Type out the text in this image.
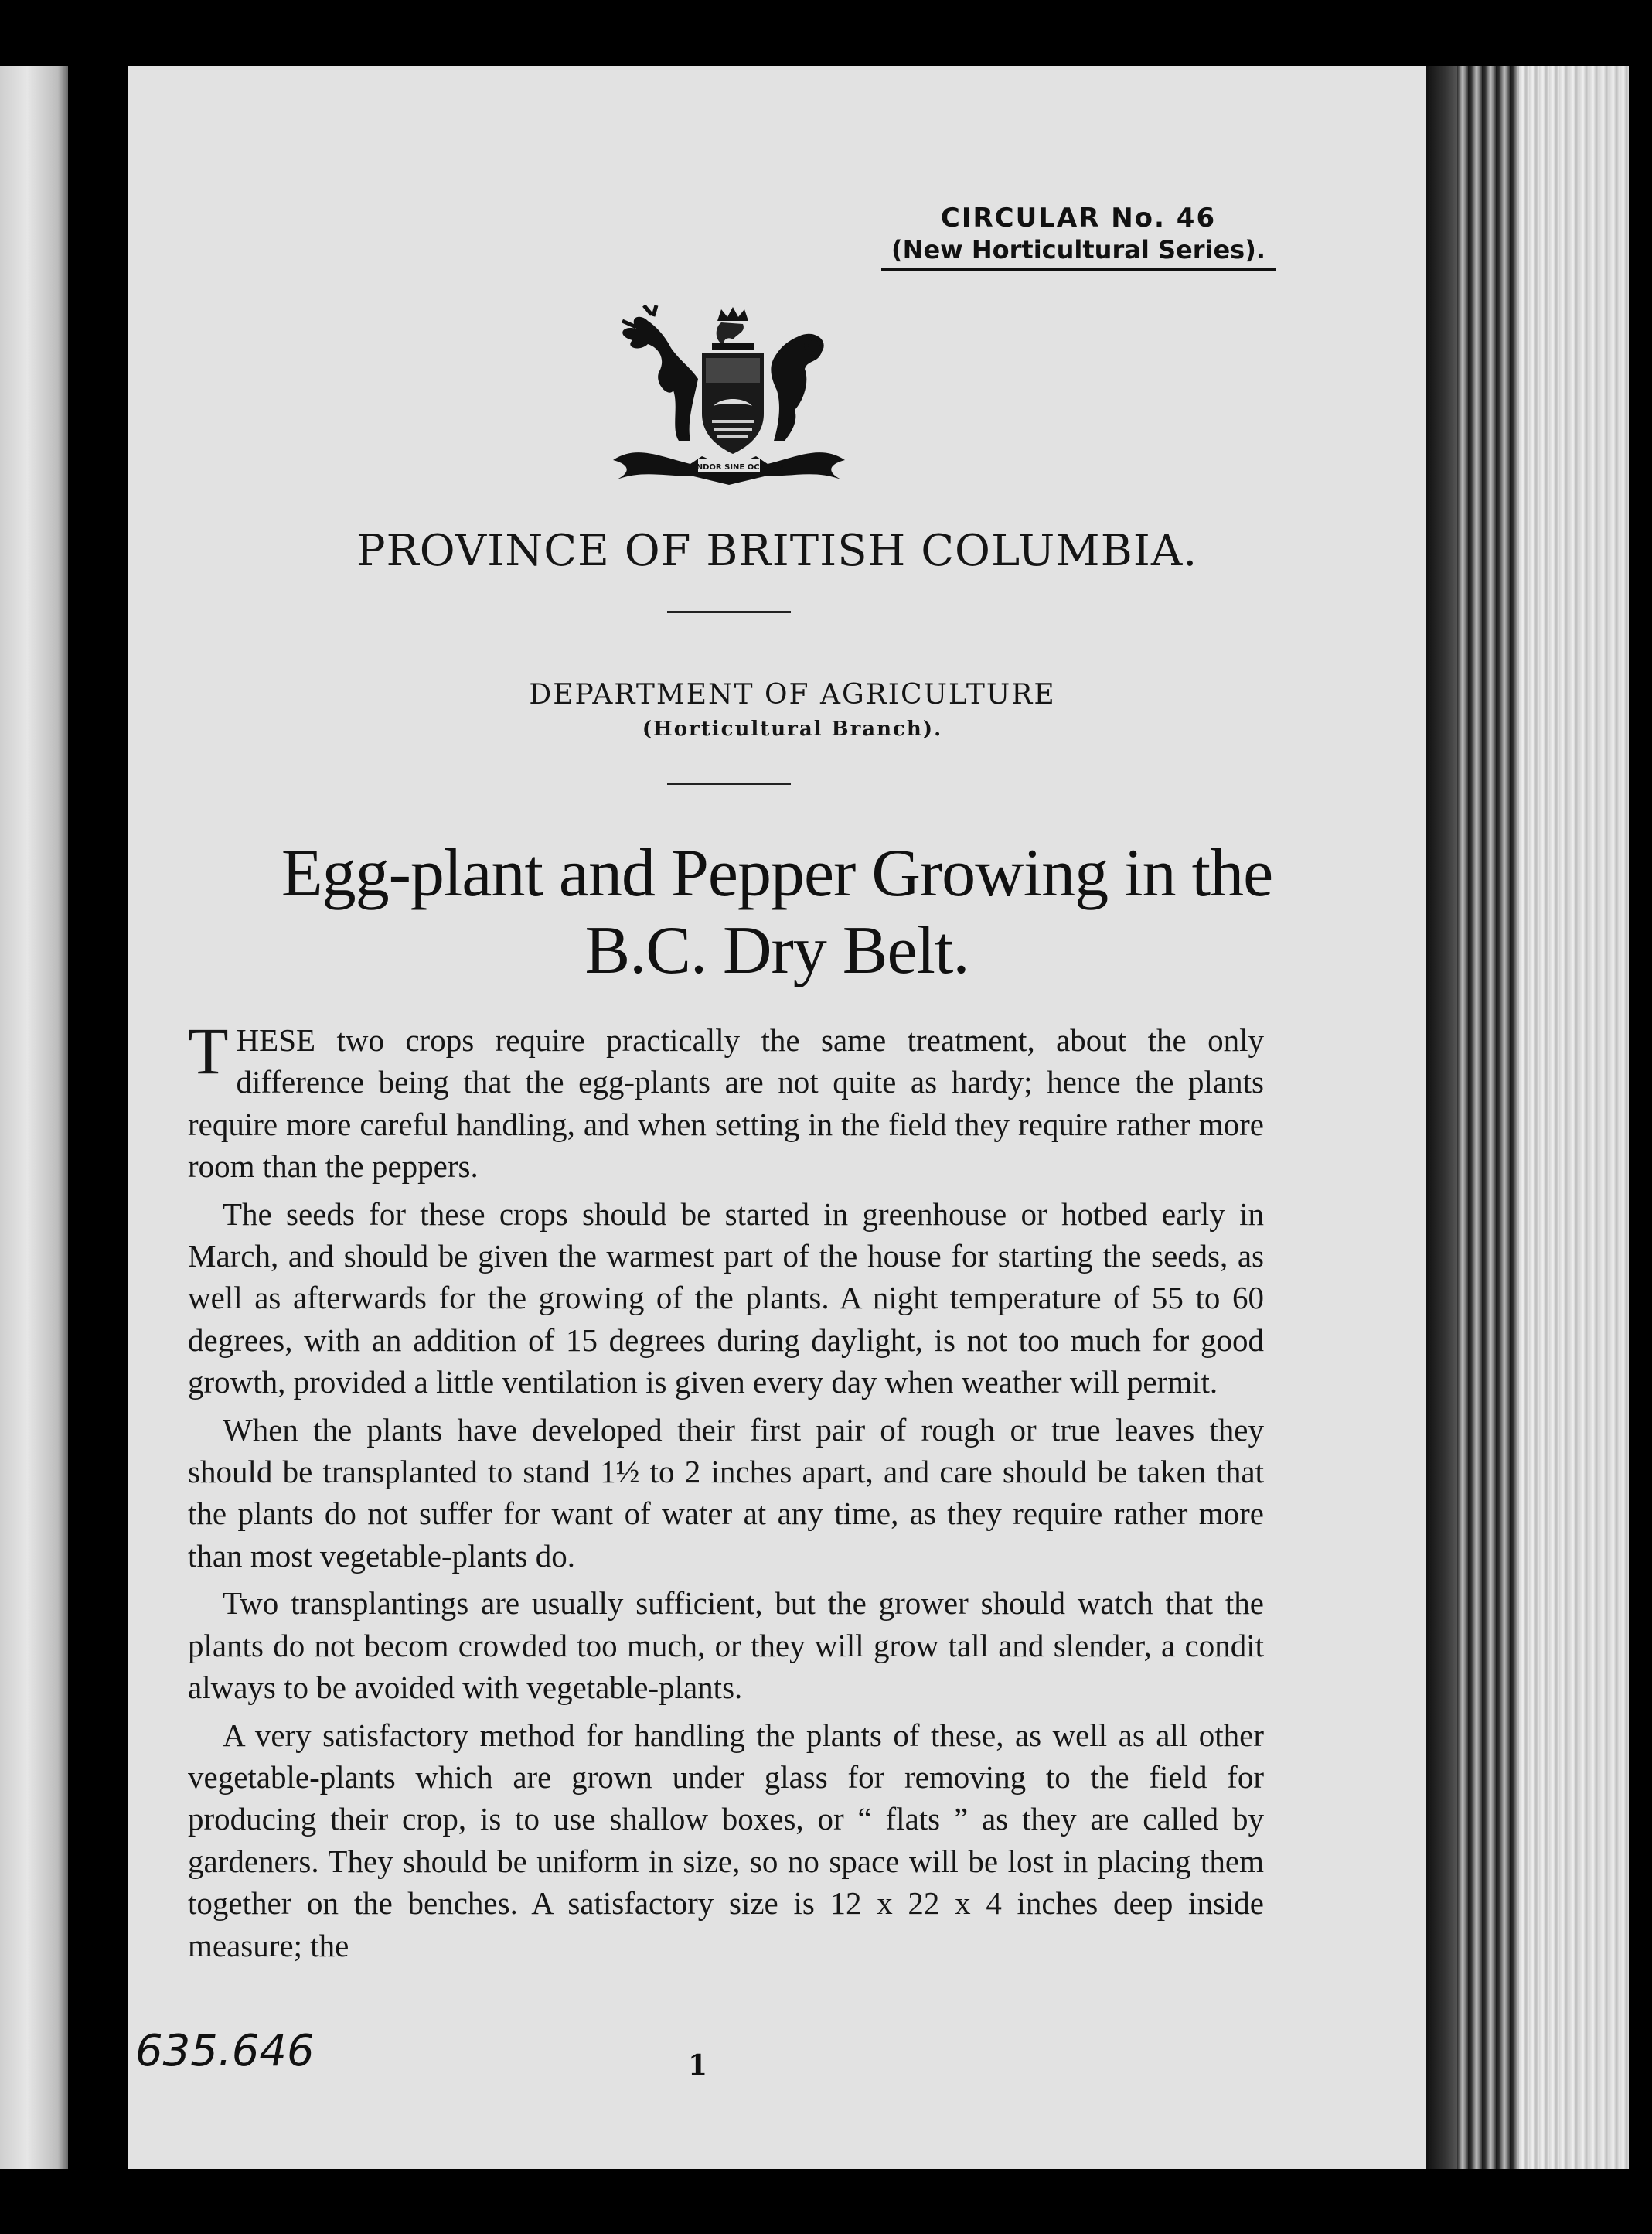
CIRCULAR No. 46
(New Horticultural Series).
SPLENDOR SINE OCCASU
PROVINCE OF BRITISH COLUMBIA.
DEPARTMENT OF AGRICULTURE
(Horticultural Branch).
Egg-plant and Pepper Growing in the
B.C. Dry Belt.

THESE two crops require practically the same treatment, about the only difference being that the egg-plants are not quite as hardy; hence the plants require more careful handling, and when setting in the field they require rather more room than the peppers.

The seeds for these crops should be started in greenhouse or hotbed early in March, and should be given the warmest part of the house for starting the seeds, as well as afterwards for the growing of the plants. A night temperature of 55 to 60 degrees, with an addition of 15 degrees during daylight, is not too much for good growth, provided a little ventilation is given every day when weather will permit.

When the plants have developed their first pair of rough or true leaves they should be transplanted to stand 1½ to 2 inches apart, and care should be taken that the plants do not suffer for want of water at any time, as they require rather more than most vegetable-plants do.

Two transplantings are usually sufficient, but the grower should watch that the plants do not becom crowded too much, or they will grow tall and slender, a condit always to be avoided with vegetable-plants.

A very satisfactory method for handling the plants of these, as well as all other vegetable-plants which are grown under glass for removing to the field for producing their crop, is to use shallow boxes, or “ flats ” as they are called by gardeners. They should be uniform in size, so no space will be lost in placing them together on the benches. A satisfactory size is 12 x 22 x 4 inches deep inside measure; the

635.646	1
